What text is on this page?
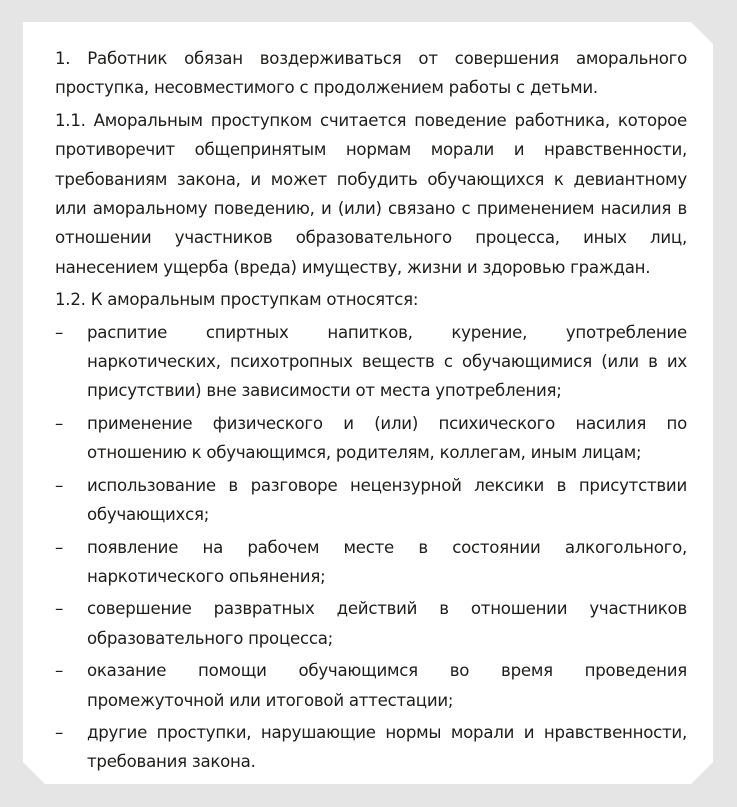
1. Работник обязан воздерживаться от совершения аморального проступка, несовместимого с продолжением работы с детьми.

1.1. Аморальным проступком считается поведение работника, которое противоречит общепринятым нормам морали и нравственности, требованиям закона, и может побудить обучающихся к девиантному или аморальному поведению, и (или) связано с применением насилия в отношении участников образовательного процесса, иных лиц, нанесением ущерба (вреда) имуществу, жизни и здоровью граждан.

1.2. К аморальным проступкам относятся:

– распитие спиртных напитков, курение, употребление наркотических, психотропных веществ с обучающимися (или в их присутствии) вне зависимости от места употребления;
– применение физического и (или) психического насилия по отношению к обучающимся, родителям, коллегам, иным лицам;
– использование в разговоре нецензурной лексики в присутствии обучающихся;
– появление на рабочем месте в состоянии алкогольного, наркотического опьянения;
– совершение развратных действий в отношении участников образовательного процесса;
– оказание помощи обучающимся во время проведения промежуточной или итоговой аттестации;
– другие проступки, нарушающие нормы морали и нравственности, требования закона.
